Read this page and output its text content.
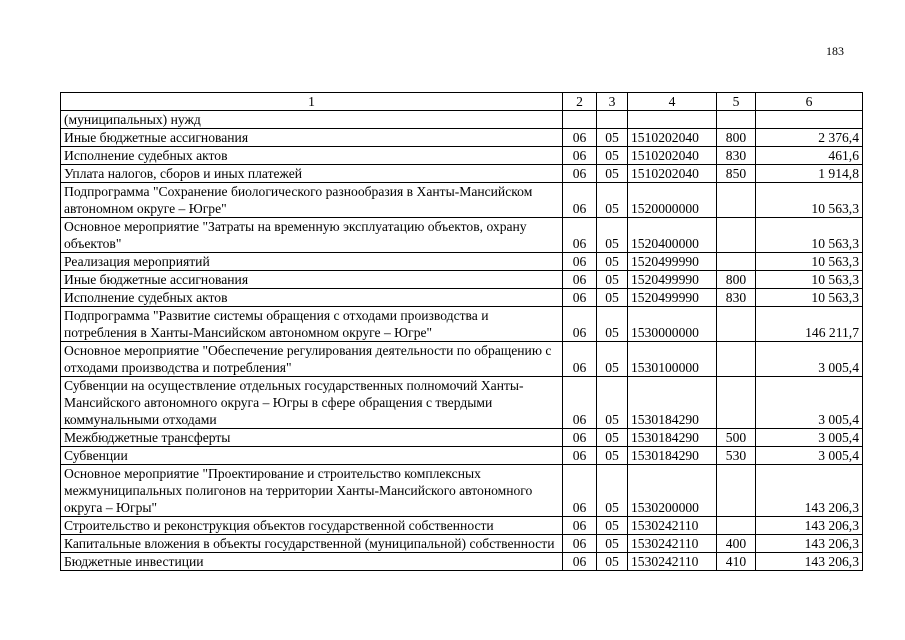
183
1	2	3	4	5	6
(муниципальных) нужд					
Иные бюджетные ассигнования	06	05	1510202040	800	2 376,4
Исполнение судебных актов	06	05	1510202040	830	461,6
Уплата налогов, сборов и иных платежей	06	05	1510202040	850	1 914,8
Подпрограмма "Сохранение биологического разнообразия в Ханты-Мансийском автономном округе – Югре"	06	05	1520000000		10 563,3
Основное мероприятие "Затраты на временную эксплуатацию объектов, охрану объектов"	06	05	1520400000		10 563,3
Реализация мероприятий	06	05	1520499990		10 563,3
Иные бюджетные ассигнования	06	05	1520499990	800	10 563,3
Исполнение судебных актов	06	05	1520499990	830	10 563,3
Подпрограмма "Развитие системы обращения с отходами производства и потребления в Ханты-Мансийском автономном округе – Югре"	06	05	1530000000		146 211,7
Основное мероприятие "Обеспечение регулирования деятельности по обращению с отходами производства и потребления"	06	05	1530100000		3 005,4
Субвенции на осуществление отдельных государственных полномочий Ханты-Мансийского автономного округа – Югры в сфере обращения с твердыми коммунальными отходами	06	05	1530184290		3 005,4
Межбюджетные трансферты	06	05	1530184290	500	3 005,4
Субвенции	06	05	1530184290	530	3 005,4
Основное мероприятие "Проектирование и строительство комплексных межмуниципальных полигонов на территории Ханты-Мансийского автономного округа – Югры"	06	05	1530200000		143 206,3
Строительство и реконструкция объектов государственной собственности	06	05	1530242110		143 206,3
Капитальные вложения в объекты государственной (муниципальной) собственности	06	05	1530242110	400	143 206,3
Бюджетные инвестиции	06	05	1530242110	410	143 206,3
